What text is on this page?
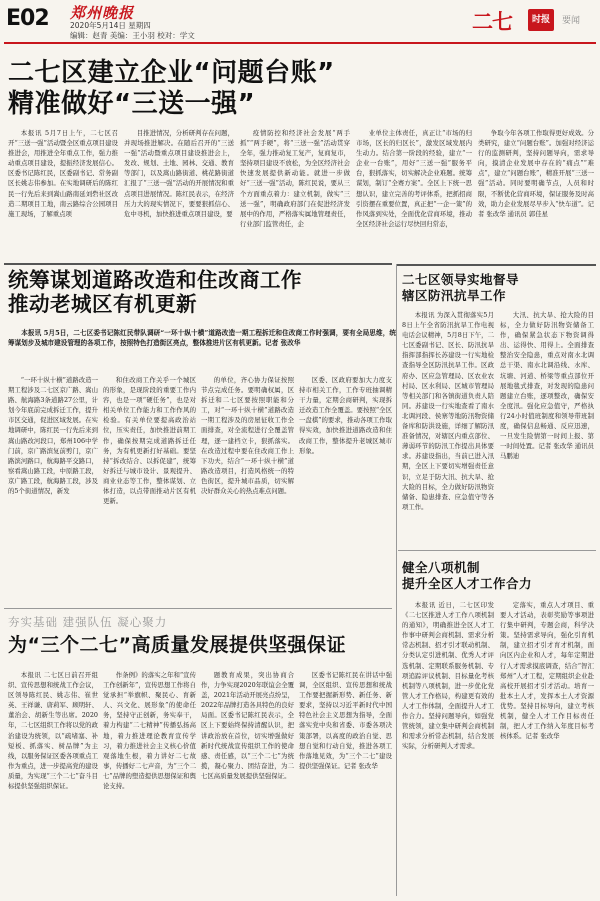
E02 郑州晚报
2020年5月14日 星期四
编辑：赵青 美编：王小羽 校对：学文
二七	时报	要闻
二七区建立企业“问题台账”
精准做好“三送一强”

本报讯 5月7日上午，二七区召开“三送一强”活动暨全区重点项目建设推进会，用推进全年重点工作，强力推动重点项目建设，提振经济发展信心。区委书记陈红民，区委副书记、常务副区长姚志伟参加。在实地调研后的陈红民一行先后来到嵩山路南延刘砦社区改造二期项目工地，南云路综合公园项目施工现场，了解重点项

目推进情况，分析研判存在问题，并现场推进解决。在随后召开的“三送一强”活动暨重点项目建设推进会上，发改、规划、土地、园林、交通、教育等部门，以及嵩山路街道、桃花路街道汇报了“三送一强”活动的开展情况和重点项目进展情况。陈红民表示，在经济压力大的现实情况下，要要狠抓信心、危中寻机，加快推进重点项目建设，要

疫情防控和经济社会发展“两手抓”“两手硬”，将“三送一强”活动贯穿全年，强力推动复工复产，复商复市，坚持项目建设不放松，为全区经济社会快速发展提供新动能。就进一步做好“三送一强”活动，陈红民说，要从三个方面重点着力：建立机制，做实“三送一强”，明确政府部门在促进经济发展中的作用，严格落实属地管理责任，行业部门监管责任，企

业单位主体责任，真正让“市场的归市场，区长的归区长”，激发区域发展内生动力。结合第一阶段的经验，建立“一企业一台账”，用好“三送一强”服务平台，狠抓落实，切实解决企业难题。统筹谋划，制订“全赛方案”。全区上下统一思想认识，建立完善的考评体系，把抓招商引资摆在重要位置，真正把“一企一策”的作风落到实处，全面优化营商环境，推动全区经济社会运行尽快回归常态，

争取今年各项工作取得更好成效。分类研究，建立“问题台账”。加强对经济运行的监测研判，坚持问题导向，需求导向，摸清企业发展中存在的“痛点”“难点”，建立“问题台账”，精准开展“三送一强”活动。同时要明确节点，人员和时限，不断优化营商环境，保证服务及时高效，助力企业发展尽早步入“快车道”。记者 张改华 通讯员 郭佳星

统筹谋划道路改造和住改商工作
推动老城区有机更新
本报讯 5月5日，二七区委书记陈红民带队调研“一环十纵十横”道路改造一期工程拆迁和住改商工作时强调，要有全局思维，统筹谋划步及城市建设管理的各项工作，按照特色打造街区亮点，整体推进片区有机更新。记者 张改华

“一环十纵十横”道路改造一期工程涉及二七区京广路、嵩山路、航海路3条道路27公里，计划今年底前完成拆迁工作，提升市区交通，促进区域发展。在实地调研中，陈红民一行先后来到嵩山路改河段口，郑州106中学门前，京广路滨复前剪门，京广路滨河路口，航海路平交路口，察看嵩山路工段，中原路工段，京广路工段，航海路工段，涉及的5个街道情况，新发

和住改商工作关乎一个城区的形象，是现阶段的重要工作内容，也是一项“硬任务”，也是对相关单位工作能力和工作作风的检验。有关单位要提高政治站位，压实责任，加快推进前期工作，确保按期完成道路拆迁任务，为有机更新打好基础。要坚持“拆改结合、以拆促建”，统筹好拆迁与城市设计、景观提升、商业业态等工作，整体谋划、立体打造，以点带面推动片区有机更新。

的单位，齐心协力保证按照节点完成任务。要明确权属，区拆迁和二七区要按照职能和分工，对“一环十纵十横”道路改造一期工程涉及的房屋征收工作全面排查，对全流程进行全覆盖管理，逐一建档立卡，狠抓落实。在改造过程中要在住改商工作上下功夫，结合“一环十纵十横”道路改造项目，打造风格统一的特色街区，提升城市品质，切实解决好群众关心的热点难点问题。

区委、区政府要加大力度支持市相关工作，工作专班抽调精干力量，定期会商研判，实现拆迁改造工作全覆盖。要按照“全区一盘棋”的要求，推动各项工作取得实效，加快推进道路改造和住改商工作，整体提升老城区城市形象。

二七区领导实地督导
辖区防汛抗旱工作

本报讯 为深入贯彻落实5月8日上午全省防汛抗旱工作电视电话会议精神，5月8日下午，二七区委副书记、区长、防汛抗旱指挥部指挥长苏建设一行实地检查指导全区防汛抗旱工作。区政府办、区应急管理局、区农业农村局、区水利局、区城市管理局等相关部门和各镇街道负责人陪同。苏建设一行实地查看了南水北调河段、侯寨等地防汛物资储备库和防洪设施，详细了解防汛准备情况，对辖区内重点部位、薄弱环节的防汛工作提出具体要求。苏建设指出，当前已进入汛期，全区上下要切实增强责任意识，立足于防大汛、抗大旱、抢大险的目标，全力做好防汛物资储备、隐患排查、应急值守等各项工作。

大汛、抗大旱、抢大险的目标，全力做好防汛物资储备工作，确保紧急状态下物资调得出、运得快、用得上。全面排查整治安全隐患，重点对南水北调总干渠、南水北调沿线、水库、坑塘、河道、桥梁等重点部位开展地毯式排查，对发现的隐患问题建立台账，逐项整改，确保安全度汛。强化应急值守，严格执行24小时值班制度和领导带班制度，确保信息畅通、反应迅速，一旦发生险情第一时间上报、第一时间处置。记者 张改华 通讯员 马鹏迪

健全八项机制
提升全区人才工作合力

本报讯 近日，二七区印发《二七区推进人才工作八项机制的通知》，明确推进全区人才工作事中研判会商机制、需求分析常态机制、招才引才联动机制、分类认定引进机制、优秀人才评选机制、定期联系服务机制、专项追踪评议机制、目标量化考核机制等八项机制，进一步优化党管人才工作格局，构建更有效的人才工作体制，全面提升人才工作合力。坚持问题导向，如强党管统领，建立集中研判会商机制和需求分析常态机制，结合发展实际，分析研判人才需求。

定落实，重点人才项目、重要人才活动，表彰奖励等事项进行集中研判，专题会商，科学决策。坚持需求导向，强化引育机制，建立招才引才育才机制，面向区内企业和人才，每年定期进行人才需求摸底调查，结合“智汇郑州”人才工程，定期组织企业赴高校开展招才引才活动。培育一批本土人才，发挥本土人才资源优势。坚持目标导向，建立考核机制，健全人才工作目标责任制，把人才工作纳入年度目标考核体系。记者 张改华

夯实基础 建强队伍 凝心聚力
为“三个二七”高质量发展提供坚强保证

本报讯 二七区日前召开组织、宣传思想和统战工作会议，区领导陈红民、姚志伟、崔世英、王祥谦、唐莉军、顾明轩、董治会、胡新生等出席。2020年，二七区组织工作将以党的政治建设为统领，以“疏堵塞、补短板、抓落实、树品牌”为主线，以服务保证区委各项重点工作为重点，进一步提高党的建设质量，为实现“三个二七”奋斗目标提供坚强组织保证。

作条例》的落实之年和“宣传工作创新年”，宣传思想工作将自觉承担“举旗帜、聚民心、育新人、兴文化、展形象”的使命任务，坚持守正创新，务实奉干，着力构建“二七精神”传播弘扬高地，着力推进理论教育宣传学习，着力推进社会主义核心价值观落地生根，着力讲好二七故事，传播好二七声音，为“三个二七”品牌的塑造提供思想保证和舆论支持。

题教育成果，突出协商合作，力争实现2020年联谊会全覆盖，2021年活动开展亮点纷呈，2022年品牌打造各具特色的良好局面。区委书记陈红民表示，全区上下要始终保持清醒认识，把讲政治放在首位，切实增强做好新时代统战宣传组织工作的使命感、责任感，以“三个二七”为统揽，凝心聚力、团结奋进，为二七区高质量发展提供坚强保证。

区委书记陈红民在讲话中强调，全区组织、宣传思想和统战工作要把握新形势、新任务、新要求，坚持以习近平新时代中国特色社会主义思想为指导，全面落实党中央和省委、市委各项决策部署，以高度的政治自觉、思想自觉和行动自觉，推进各项工作落地见效，为“三个二七”建设提供坚强保证。记者 张改华
